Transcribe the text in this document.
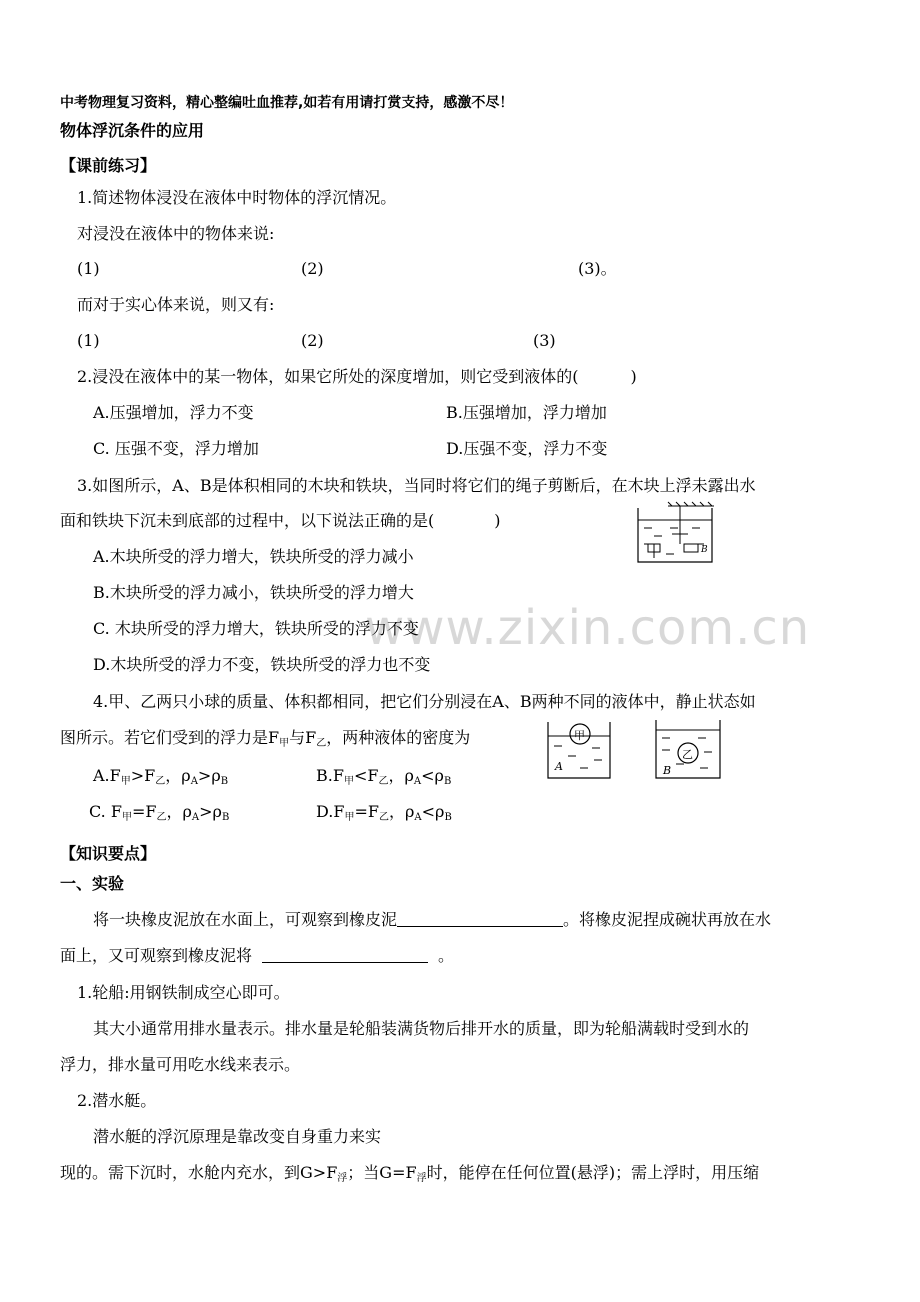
www.zixin.com.cn
中考物理复习资料，精心整编吐血推荐,如若有用请打赏支持，感激不尽！
物体浮沉条件的应用
【课前练习】
1.简述物体浸没在液体中时物体的浮沉情况。
对浸没在液体中的物体来说:
(1)	(2)	(3)。
而对于实心体来说，则又有:
(1)	(2)	(3)
2.浸没在液体中的某一物体，如果它所处的深度增加，则它受到液体的(	)
A.压强增加，浮力不变	B.压强增加，浮力增加
C. 压强不变，浮力增加	D.压强不变，浮力不变
3.如图所示，A、B是体积相同的木块和铁块，当同时将它们的绳子剪断后，在木块上浮未露出水
面和铁块下沉未到底部的过程中，以下说法正确的是(	)
B
A.木块所受的浮力增大，铁块所受的浮力减小
B.木块所受的浮力减小，铁块所受的浮力增大
C. 木块所受的浮力增大，铁块所受的浮力不变
D.木块所受的浮力不变，铁块所受的浮力也不变
4.甲、乙两只小球的质量、体积都相同，把它们分别浸在A、B两种不同的液体中，静止状态如
图所示。若它们受到的浮力是$F_甲$与$F_乙$，两种液体的密度为	甲
A
乙
B
$A.F_甲>F_乙$，$\rho_A>\rho_B$	$B.F_甲<F_乙$，$\rho_A<\rho_B$
C. $F_甲=F_乙$，$\rho_A>\rho_B$	$D.F_甲=F_乙$，$\rho_A<\rho_B$
【知识要点】
一、实验
将一块橡皮泥放在水面上，可观察到橡皮泥	。将橡皮泥捏成碗状再放在水
面上，又可观察到橡皮泥将	。
1.轮船:用钢铁制成空心即可。
其大小通常用排水量表示。排水量是轮船装满货物后排开水的质量，即为轮船满载时受到水的
浮力，排水量可用吃水线来表示。
2.潜水艇。
潜水艇的浮沉原理是靠改变自身重力来实
现的。需下沉时，水舱内充水，到$G>F_浮$；当$G=F_浮$时，能停在任何位置(悬浮)；需上浮时，用压缩
